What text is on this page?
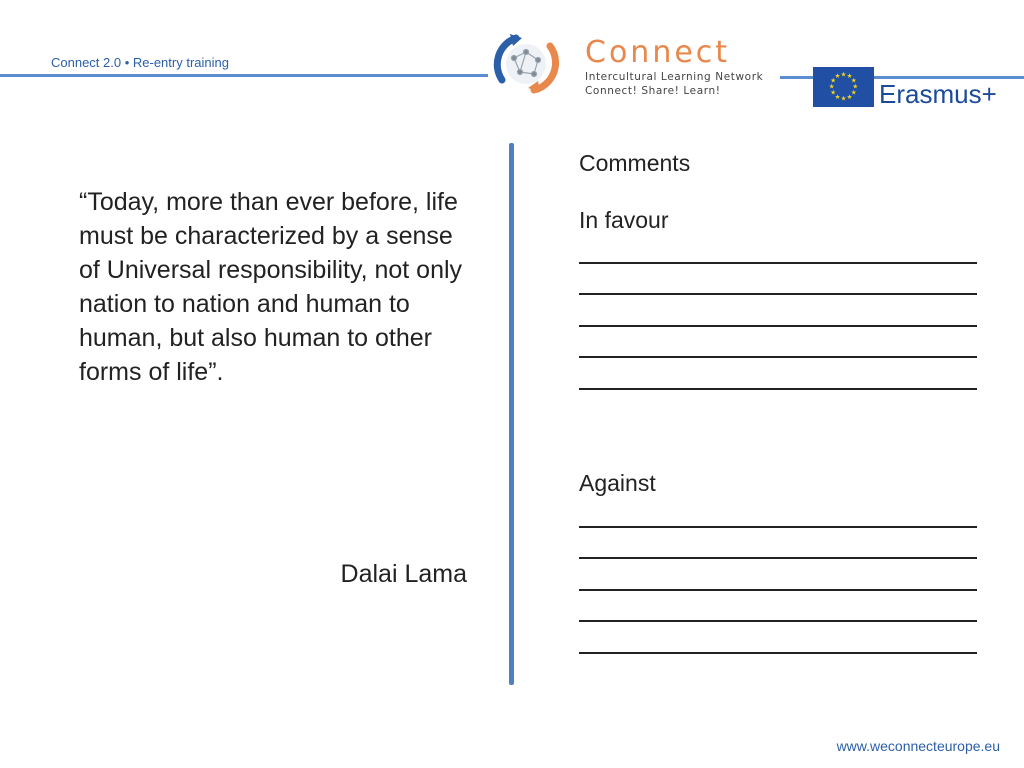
Connect 2.0 • Re-entry training	Connect
Intercultural Learning Network
Connect! Share! Learn!
★ ★
★
★
★
★
★
★
★
★
★
★
Erasmus+
“Today, more than ever before, life must be characterized by a sense of Universal responsibility, not only nation to nation and human to human, but also human to other forms of life”.
Dalai Lama
Comments
In favour
Against
www.weconnecteurope.eu
